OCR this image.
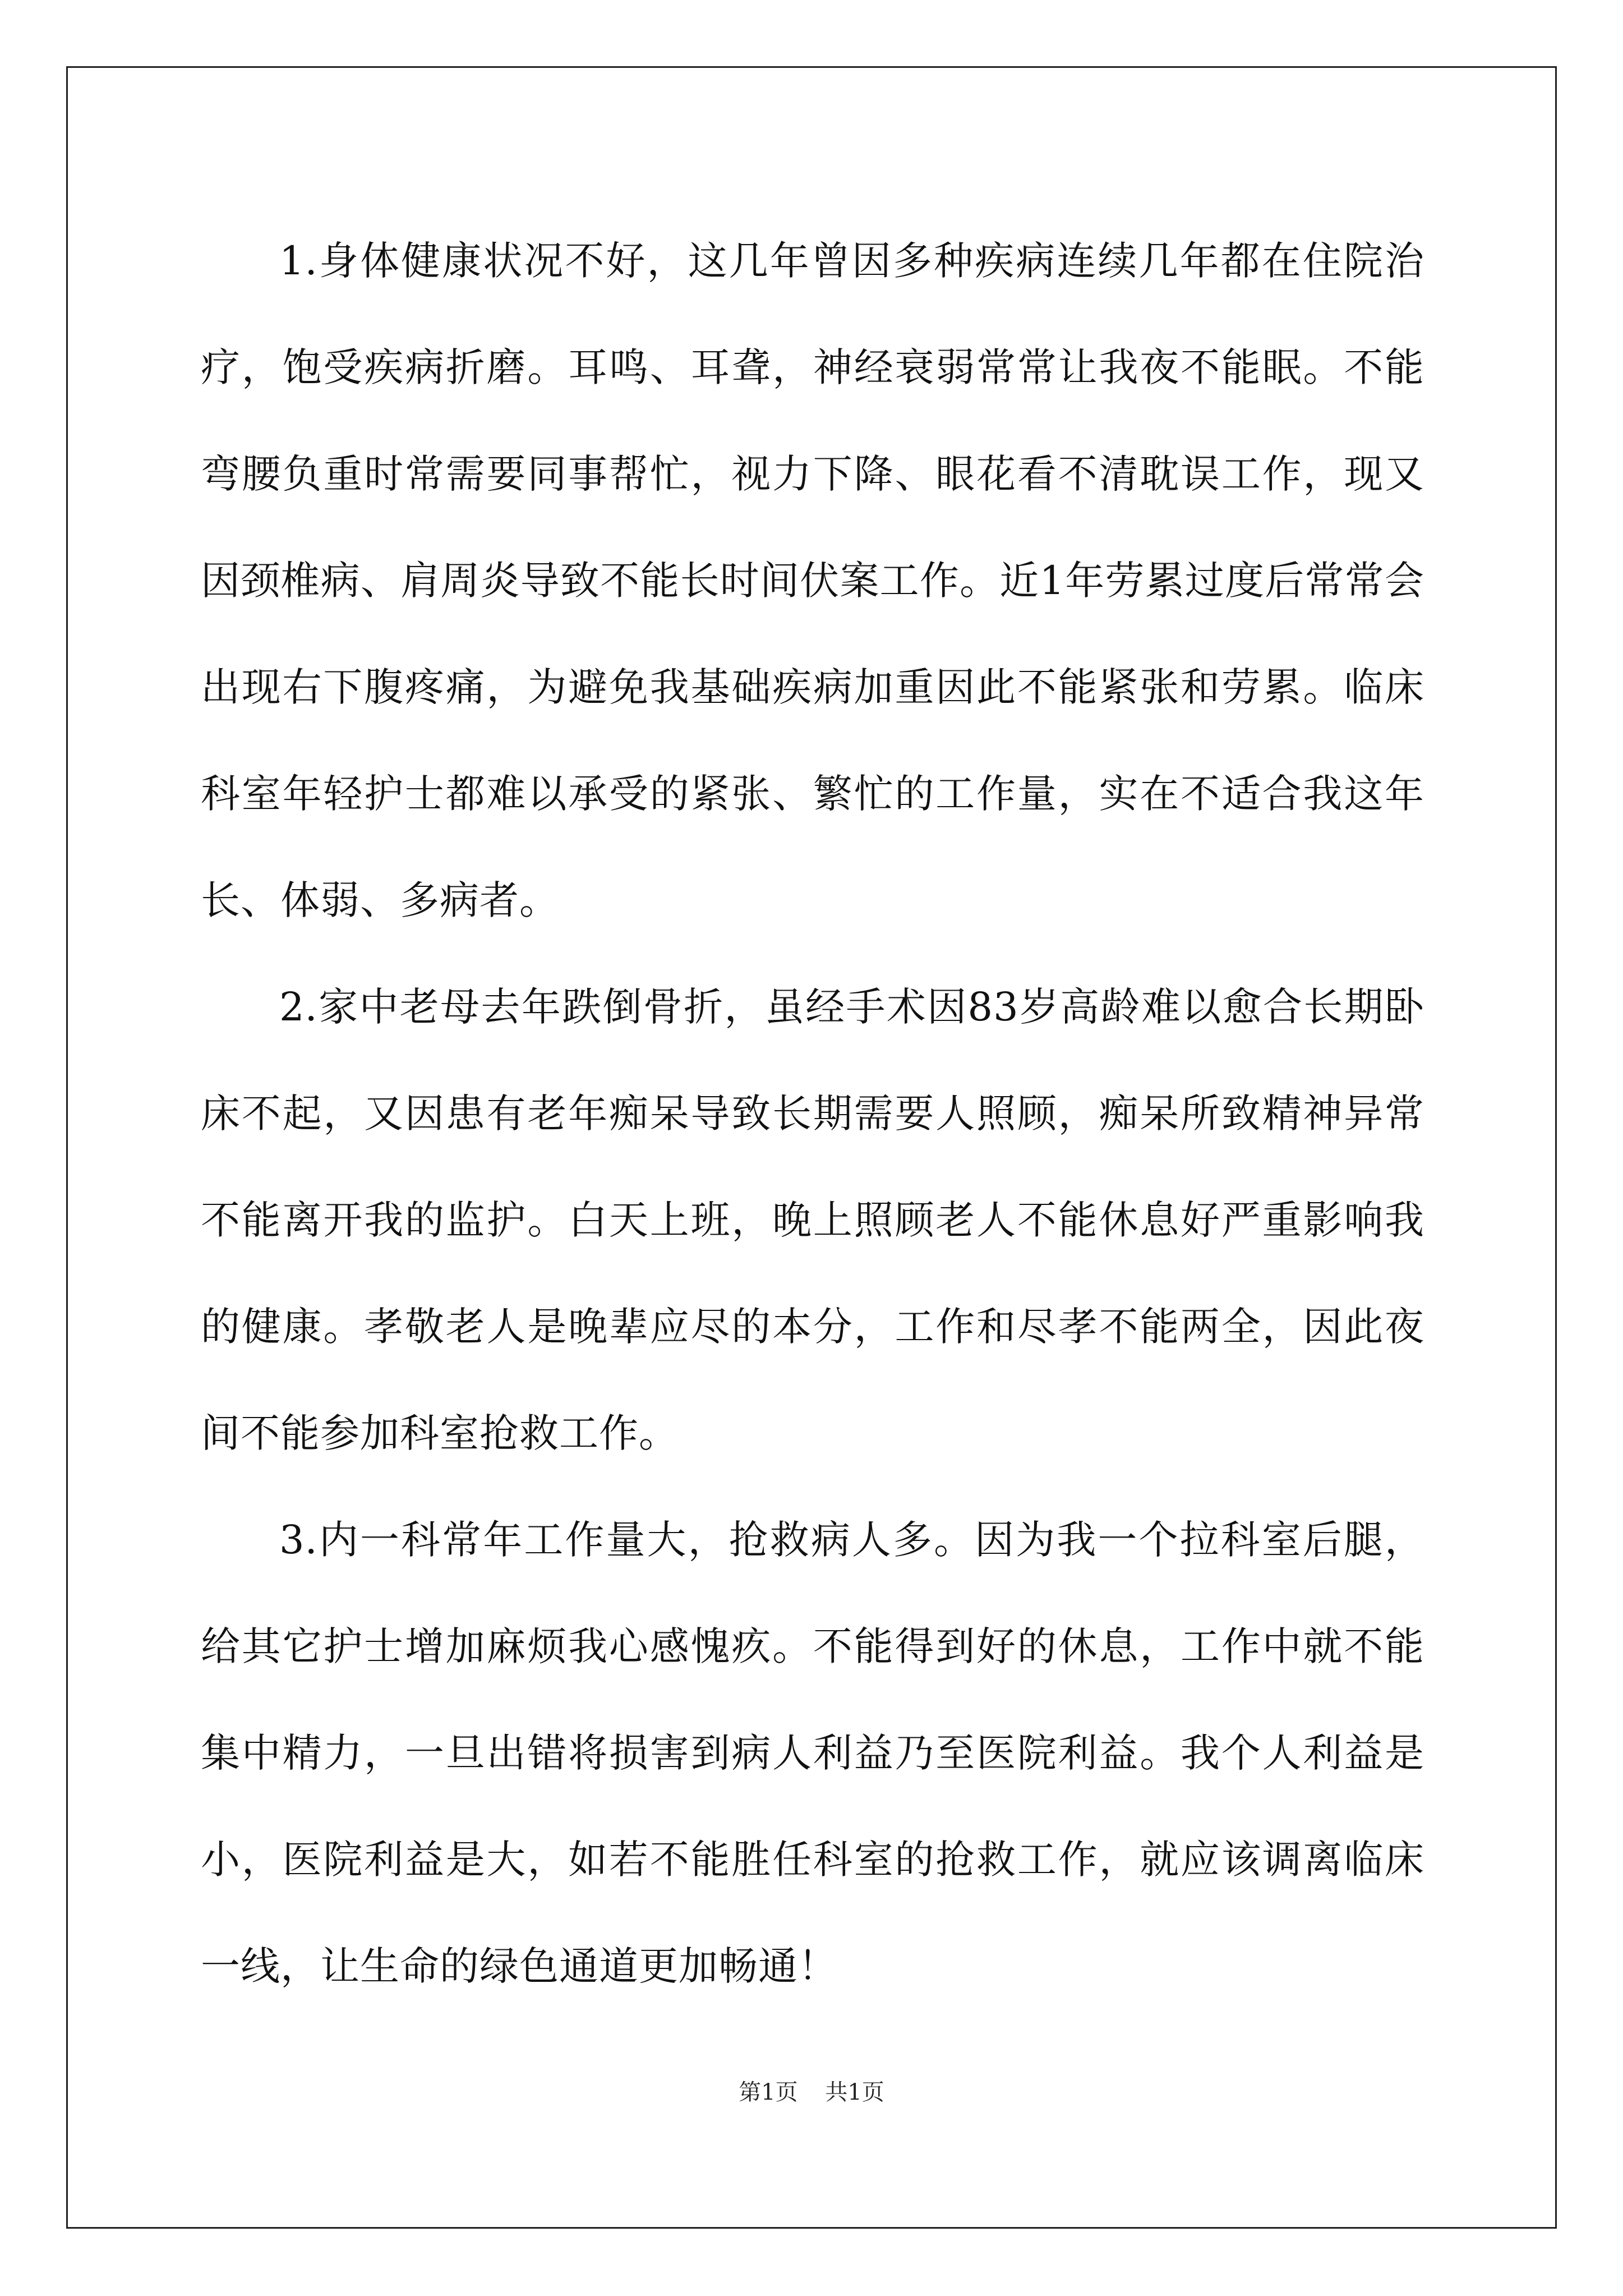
1.身体健康状况不好，这几年曾因多种疾病连续几年都在住院治疗，饱受疾病折磨。耳鸣、耳聋，神经衰弱常常让我夜不能眠。不能弯腰负重时常需要同事帮忙，视力下降、眼花看不清耽误工作，现又因颈椎病、肩周炎导致不能长时间伏案工作。近1年劳累过度后常常会出现右下腹疼痛，为避免我基础疾病加重因此不能紧张和劳累。临床科室年轻护士都难以承受的紧张、繁忙的工作量，实在不适合我这年长、体弱、多病者。

2.家中老母去年跌倒骨折，虽经手术因83岁高龄难以愈合长期卧床不起，又因患有老年痴呆导致长期需要人照顾，痴呆所致精神异常不能离开我的监护。白天上班，晚上照顾老人不能休息好严重影响我的健康。孝敬老人是晚辈应尽的本分，工作和尽孝不能两全，因此夜间不能参加科室抢救工作。

3.内一科常年工作量大，抢救病人多。因为我一个拉科室后腿，给其它护士增加麻烦我心感愧疚。不能得到好的休息，工作中就不能集中精力，一旦出错将损害到病人利益乃至医院利益。我个人利益是小，医院利益是大，如若不能胜任科室的抢救工作，就应该调离临床一线，让生命的绿色通道更加畅通！

第1页 共1页
